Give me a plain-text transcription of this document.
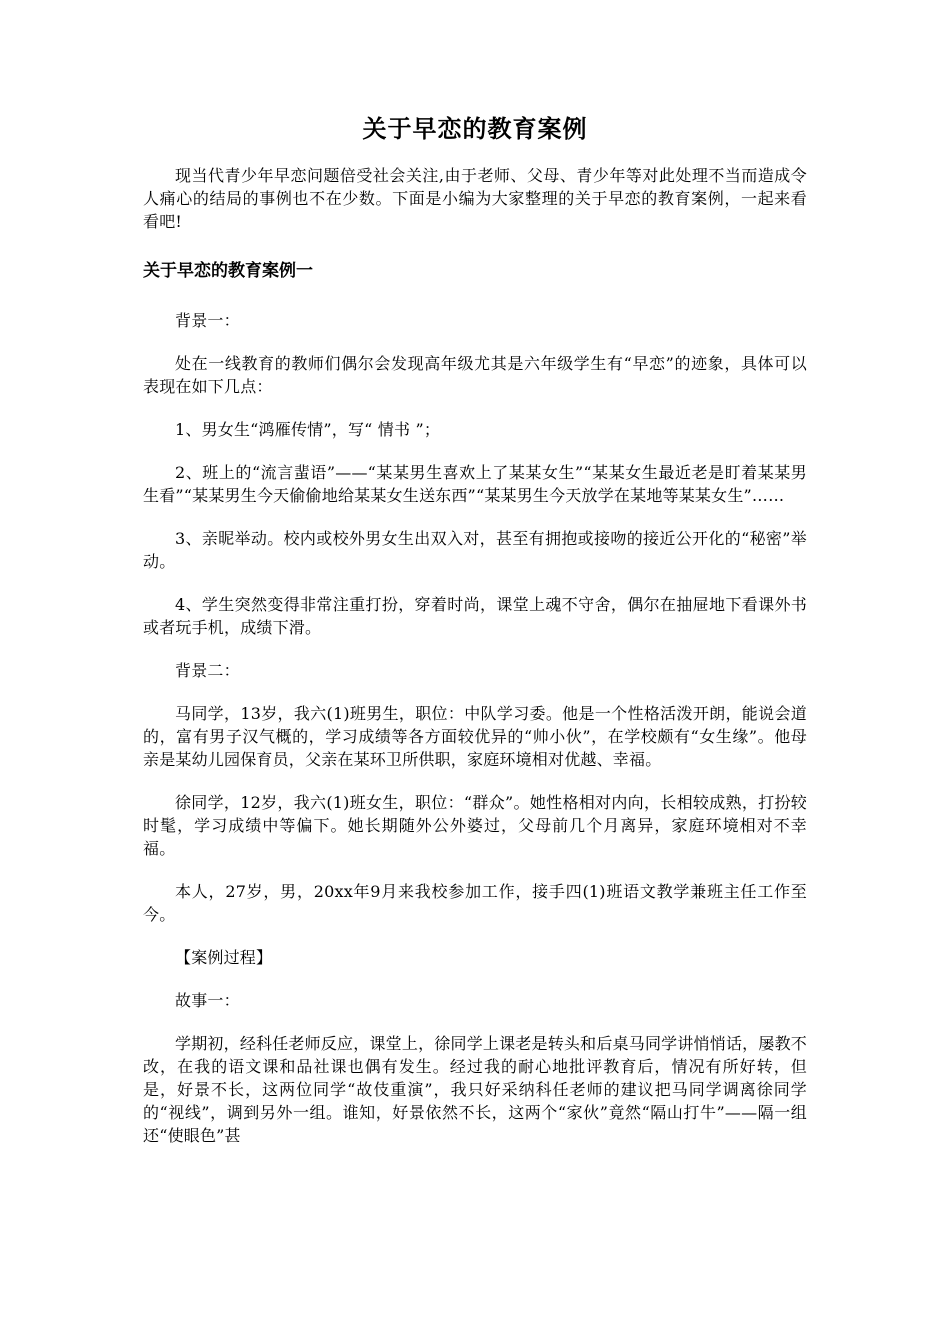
关于早恋的教育案例

现当代青少年早恋问题倍受社会关注,由于老师、父母、青少年等对此处理不当而造成令人痛心的结局的事例也不在少数。下面是小编为大家整理的关于早恋的教育案例，一起来看看吧!

关于早恋的教育案例一

背景一：

处在一线教育的教师们偶尔会发现高年级尤其是六年级学生有“早恋”的迹象，具体可以表现在如下几点：

1、男女生“鸿雁传情”，写“ 情书 ”；

2、班上的“流言蜚语”——“某某男生喜欢上了某某女生”“某某女生最近老是盯着某某男生看”“某某男生今天偷偷地给某某女生送东西”“某某男生今天放学在某地等某某女生”……

3、亲昵举动。校内或校外男女生出双入对，甚至有拥抱或接吻的接近公开化的“秘密”举动。

4、学生突然变得非常注重打扮，穿着时尚，课堂上魂不守舍，偶尔在抽屉地下看课外书或者玩手机，成绩下滑。

背景二：

马同学，13岁，我六(1)班男生，职位：中队学习委。他是一个性格活泼开朗，能说会道的，富有男子汉气概的，学习成绩等各方面较优异的“帅小伙”，在学校颇有“女生缘”。他母亲是某幼儿园保育员，父亲在某环卫所供职，家庭环境相对优越、幸福。

徐同学，12岁，我六(1)班女生，职位：“群众”。她性格相对内向，长相较成熟，打扮较时髦，学习成绩中等偏下。她长期随外公外婆过，父母前几个月离异，家庭环境相对不幸福。

本人，27岁，男，20xx年9月来我校参加工作，接手四(1)班语文教学兼班主任工作至今。

【案例过程】

故事一：

学期初，经科任老师反应，课堂上，徐同学上课老是转头和后桌马同学讲悄悄话，屡教不改，在我的语文课和品社课也偶有发生。经过我的耐心地批评教育后，情况有所好转，但是，好景不长，这两位同学“故伎重演”，我只好采纳科任老师的建议把马同学调离徐同学的“视线”，调到另外一组。谁知，好景依然不长，这两个“家伙”竟然“隔山打牛”——隔一组还“使眼色”甚
